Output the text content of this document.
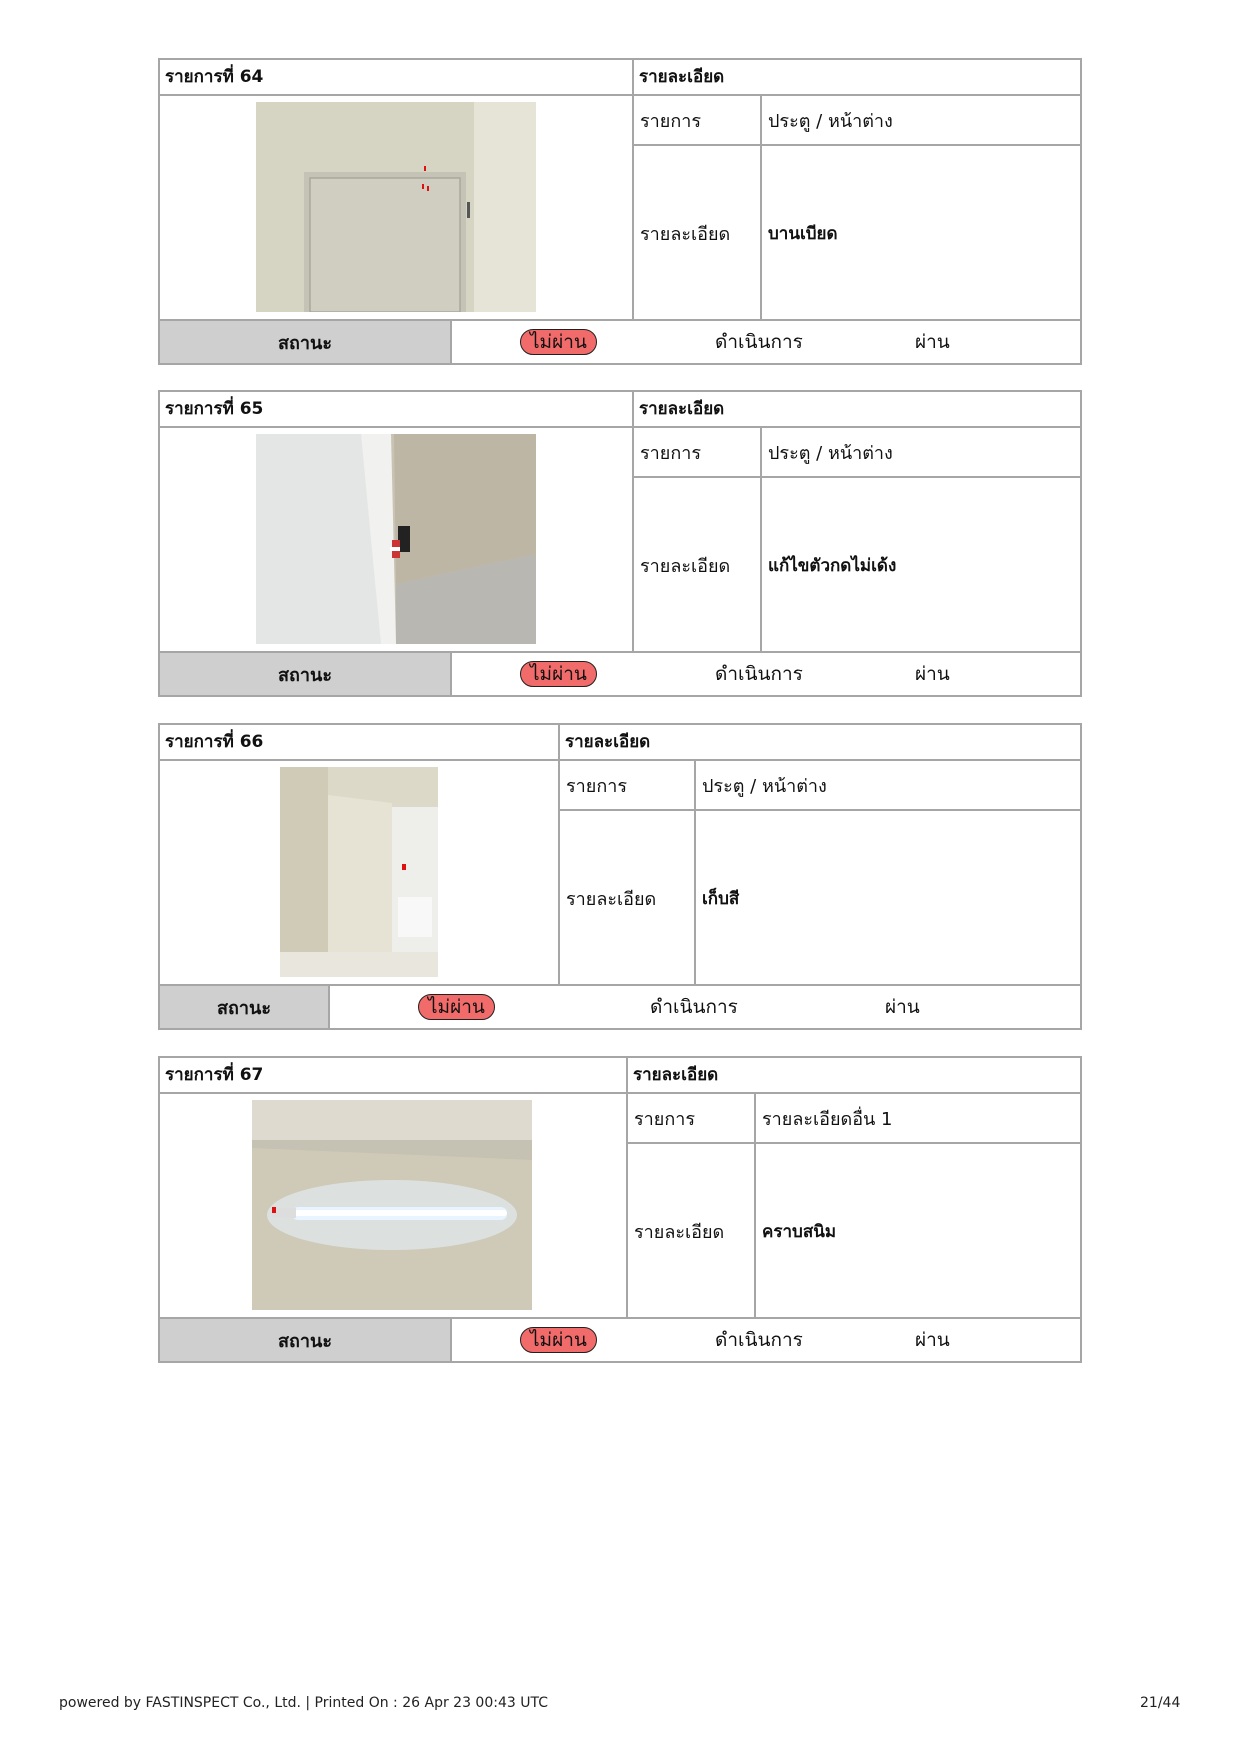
รายการที่ 64	รายละเอียด
รายการ	ประตู / หน้าต่าง
รายละเอียด	บานเบียด
สถานะ	ไม่ผ่าน	ดำเนินการ	ผ่าน
รายการที่ 65	รายละเอียด
รายการ	ประตู / หน้าต่าง
รายละเอียด	แก้ไขตัวกดไม่เด้ง
สถานะ	ไม่ผ่าน	ดำเนินการ	ผ่าน
รายการที่ 66	รายละเอียด
รายการ	ประตู / หน้าต่าง
รายละเอียด	เก็บสี
สถานะ	ไม่ผ่าน	ดำเนินการ	ผ่าน
รายการที่ 67	รายละเอียด
รายการ	รายละเอียดอื่น 1
รายละเอียด	คราบสนิม
สถานะ	ไม่ผ่าน	ดำเนินการ	ผ่าน
powered by FASTINSPECT Co., Ltd. | Printed On : 26 Apr 23 00:43 UTC	21/44
